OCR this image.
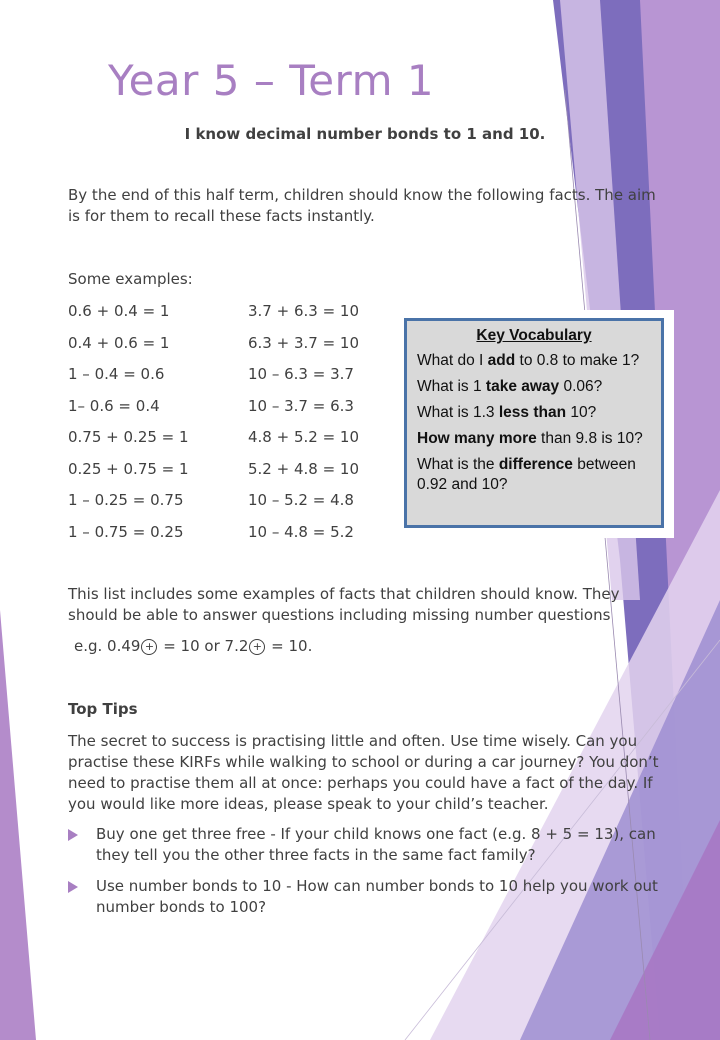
Year 5 – Term 1
I know decimal number bonds to 1 and 10.

By the end of this half term, children should know the following facts. The aim is for them to recall these facts instantly.

Some examples:
0.6 + 0.4 = 1
0.4 + 0.6 = 1
1 – 0.4 = 0.6
1– 0.6 = 0.4
0.75 + 0.25 = 1
0.25 + 0.75 = 1
1 – 0.25 = 0.75
1 – 0.75 = 0.25
3.7 + 6.3 = 10
6.3 + 3.7 = 10
10 – 6.3 = 3.7
10 – 3.7 = 6.3
4.8 + 5.2 = 10
5.2 + 4.8 = 10
10 – 5.2 = 4.8
10 – 4.8 = 5.2
Key Vocabulary
What do I add to 0.8 to make 1?
What is 1 take away 0.06?
What is 1.3 less than 10?
How many more than 9.8 is 10?
What is the difference between 0.92 and 10?

This list includes some examples of facts that children should know. They should be able to answer questions including missing number questions

e.g. 0.49 + = 10 or 7.2 + = 10.
Top Tips

The secret to success is practising little and often. Use time wisely. Can you practise these KIRFs while walking to school or during a car journey? You don’t need to practise them all at once: perhaps you could have a fact of the day. If you would like more ideas, please speak to your child’s teacher.

Buy one get three free - If your child knows one fact (e.g. 8 + 5 = 13), can they tell you the other three facts in the same fact family?
Use number bonds to 10 - How can number bonds to 10 help you work out number bonds to 100?
